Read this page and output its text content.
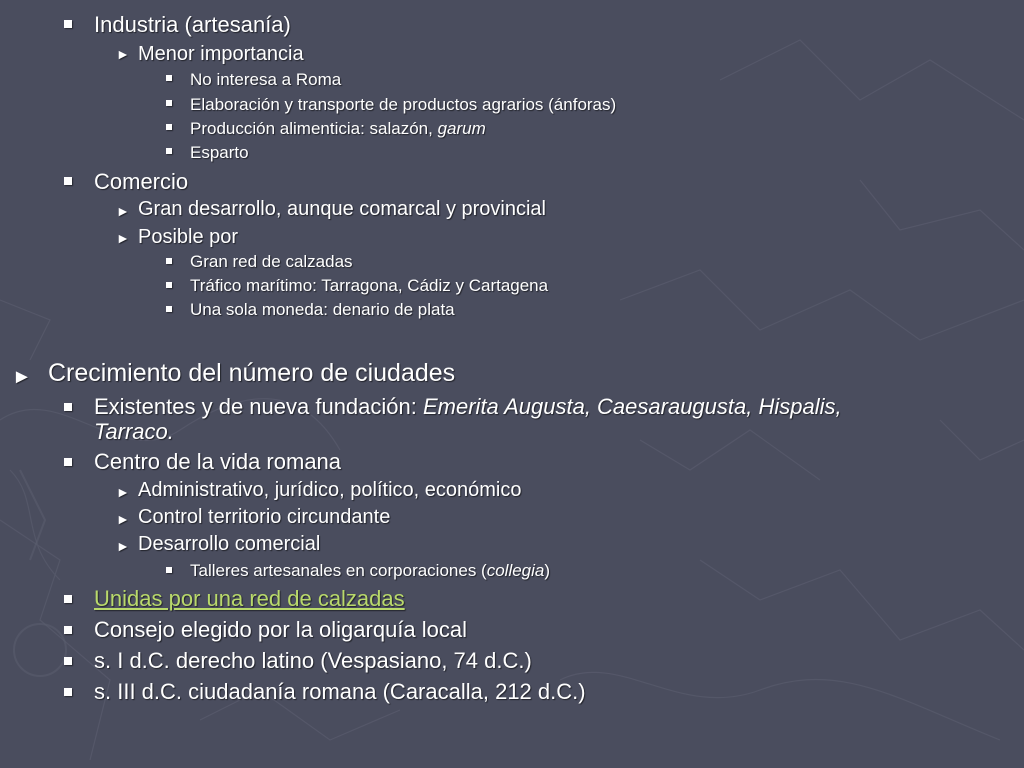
Industria (artesanía)
► Menor importancia
No interesa a Roma
Elaboración y transporte de productos agrarios (ánforas)
Producción alimenticia: salazón, garum
Esparto
Comercio
► Gran desarrollo, aunque comarcal y provincial
► Posible por
Gran red de calzadas
Tráfico marítimo: Tarragona, Cádiz y Cartagena
Una sola moneda: denario de plata
► Crecimiento del número de ciudades
Existentes y de nueva fundación: Emerita Augusta, Caesaraugusta, Hispalis,
Tarraco.
Centro de la vida romana
► Administrativo, jurídico, político, económico
► Control territorio circundante
► Desarrollo comercial
Talleres artesanales en corporaciones (collegia)
Unidas por una red de calzadas
Consejo elegido por la oligarquía local
s. I d.C. derecho latino (Vespasiano, 74 d.C.)
s. III d.C. ciudadanía romana (Caracalla, 212 d.C.)
